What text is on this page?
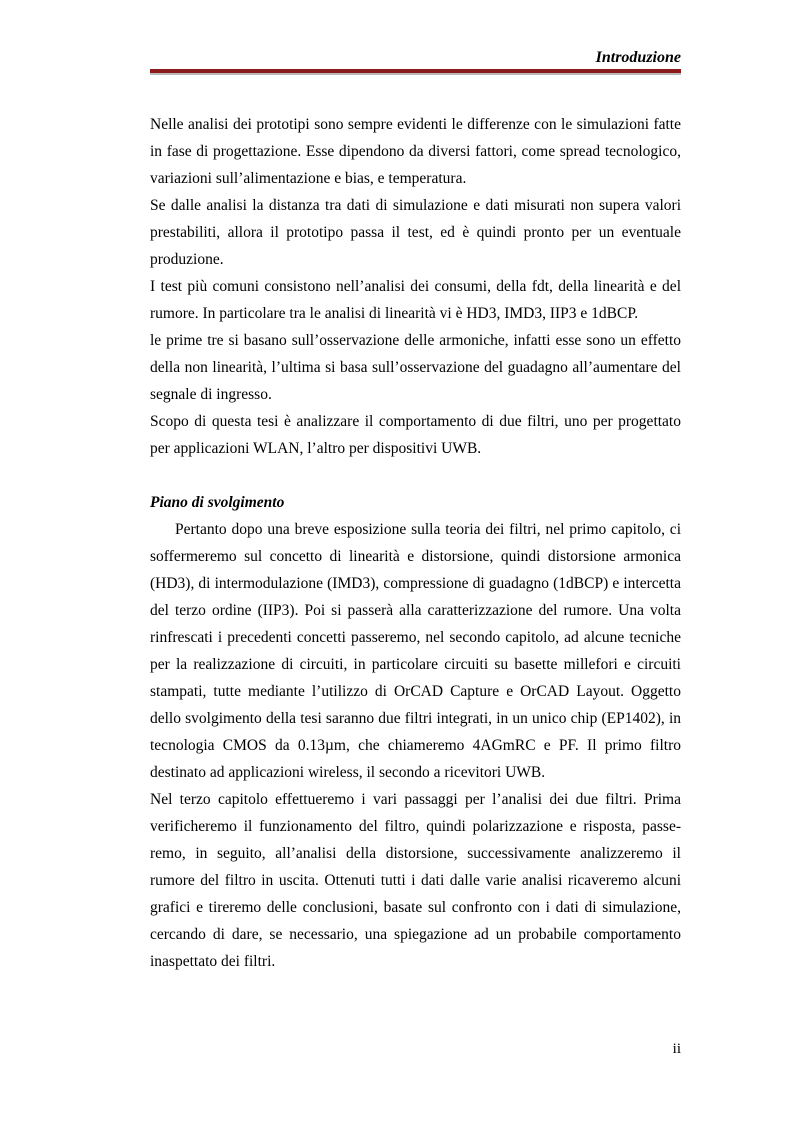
Introduzione

Nelle analisi dei prototipi sono sempre evidenti le differenze con le simulazioni fatte in fase di progettazione. Esse dipendono da diversi fattori, come spread tecnologico, variazioni sull’alimentazione e bias, e temperatura.

Se dalle analisi la distanza tra dati di simulazione e dati misurati non supera valori prestabiliti, allora il prototipo passa il test, ed è quindi pronto per un eventuale produzione.

I test più comuni consistono nell’analisi dei consumi, della fdt, della linearità e del rumore. In particolare tra le analisi di linearità vi è HD3, IMD3, IIP3 e 1dBCP.

le prime tre si basano sull’osservazione delle armoniche, infatti esse sono un effetto della non linearità, l’ultima si basa sull’osservazione del guadagno all’aumentare del segnale di ingresso.

Scopo di questa tesi è analizzare il comportamento di due filtri, uno per progettato per applicazioni WLAN, l’altro per dispositivi UWB.

Piano di svolgimento

Pertanto dopo una breve esposizione sulla teoria dei filtri, nel primo capitolo, ci soffermeremo sul concetto di linearità e distorsione, quindi distorsione armonica (HD3), di intermodulazione (IMD3), compressione di guadagno (1dBCP) e intercetta del terzo ordine (IIP3). Poi si passerà alla caratterizzazione del rumore. Una volta rinfrescati i precedenti concetti passeremo, nel secondo capitolo, ad alcune tecniche per la realizzazione di circuiti, in particolare circuiti su basette millefori e circuiti stampati, tutte mediante l’utilizzo di OrCAD Capture e OrCAD Layout. Oggetto dello svolgimento della tesi saranno due filtri integrati, in un unico chip (EP1402), in tecnologia CMOS da 0.13µm, che chiameremo 4AGmRC e PF. Il primo filtro destinato ad applicazioni wireless, il secondo a ricevitori UWB.

Nel terzo capitolo effettueremo i vari passaggi per l’analisi dei due filtri. Prima verificheremo il funzionamento del filtro, quindi polarizzazione e risposta, passeremo, in seguito, all’analisi della distorsione, successivamente analizzeremo il rumore del filtro in uscita. Ottenuti tutti i dati dalle varie analisi ricaveremo alcuni grafici e tireremo delle conclusioni, basate sul confronto con i dati di simulazione, cercando di dare, se necessario, una spiegazione ad un probabile comportamento inaspettato dei filtri.

ii
